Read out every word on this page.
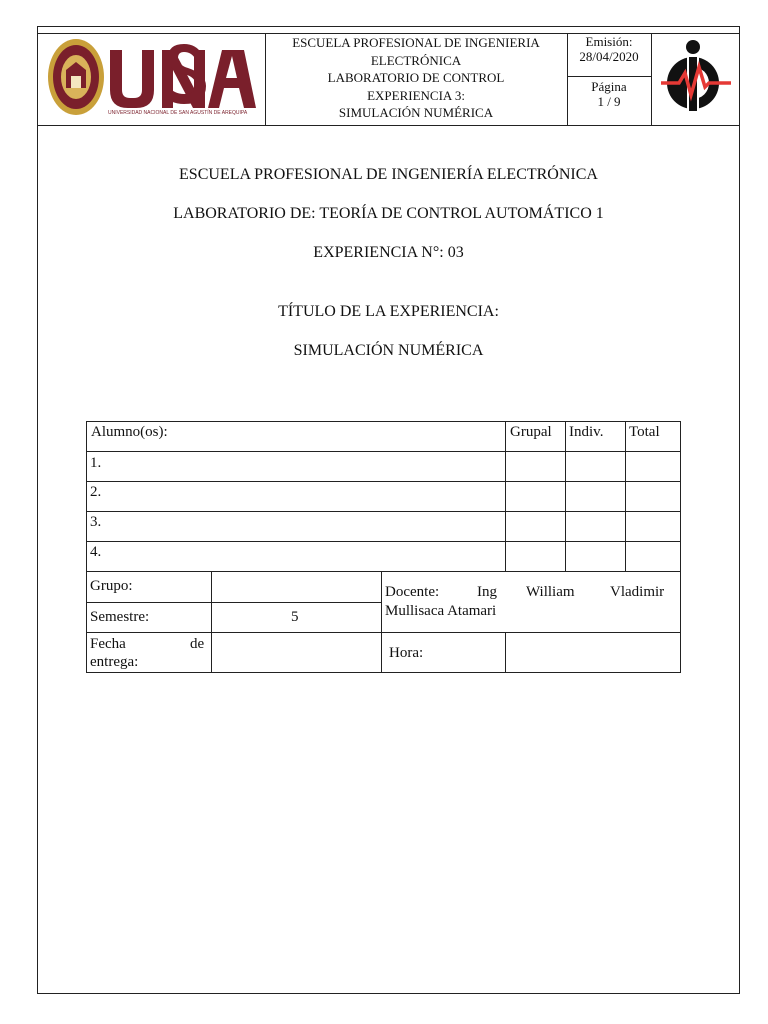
UNIVERSIDAD NACIONAL DE SAN AGUSTÍN DE AREQUIPA
ESCUELA PROFESIONAL DE INGENIERIA
ELECTRÓNICA
LABORATORIO DE CONTROL
EXPERIENCIA 3:
SIMULACIÓN NUMÉRICA
Emisión:
28/04/2020
Página
1 / 9
ESCUELA PROFESIONAL DE INGENIERÍA ELECTRÓNICA
LABORATORIO DE: TEORÍA DE CONTROL AUTOMÁTICO 1
EXPERIENCIA N°: 03
TÍTULO DE LA EXPERIENCIA:
SIMULACIÓN NUMÉRICA
Alumno(os):	Grupal Indiv. Total
1.
2.
3.
4.
Grupo:
Semestre:	5
Fecha	de
entrega:
Docente:	Ing William Vladimir
Mullisaca Atamari
Hora:
